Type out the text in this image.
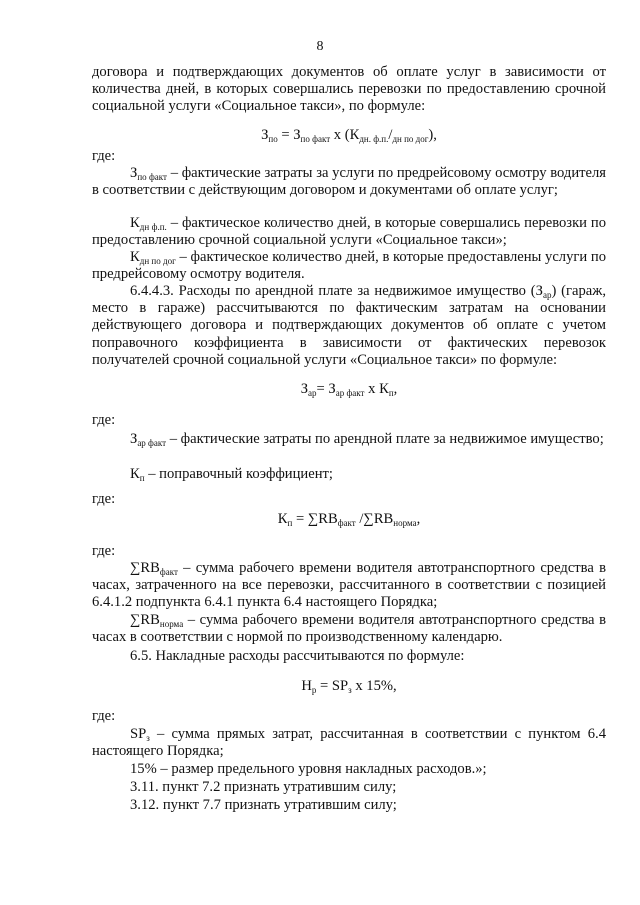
8
договора и подтверждающих документов об оплате услуг в зависимости от количества дней, в которых совершались перевозки по предоставлению срочной социальной услуги «Социальное такси», по формуле:
$З_{по} = З_{по факт}$ х $(К_{дн. ф.п.}/_{дн по дог})$,
где:
$З_{по факт}$ – фактические затраты за услуги по предрейсовому осмотру водителя в соответствии с действующим договором и документами об оплате услуг;
$К_{дн ф.п.}$ – фактическое количество дней, в которые совершались перевозки по предоставлению срочной социальной услуги «Социальное такси»;
$К_{дн по дог}$ – фактическое количество дней, в которые предоставлены услуги по предрейсовому осмотру водителя.
6.4.4.3. Расходы по арендной плате за недвижимое имущество $(З_{ар})$ (гараж, место в гараже) рассчитываются по фактическим затратам на основании действующего договора и подтверждающих документов об оплате с учетом поправочного коэффициента в зависимости от фактических перевозок получателей срочной социальной услуги «Социальное такси» по формуле:
$З_{ар}= З_{ар факт}$ х $К_п$,
где:
$З_{ар факт}$ – фактические затраты по арендной плате за недвижимое имущество;
$К_п$ – поправочный коэффициент;
где:
$К_п = \sum RB_{факт}$ $/\sum RB_{норма}$,
где:
$\sum RB_{факт}$ – сумма рабочего времени водителя автотранспортного средства в часах, затраченного на все перевозки, рассчитанного в соответствии с позицией 6.4.1.2 подпункта 6.4.1 пункта 6.4 настоящего Порядка;
$\sum RB_{норма}$ – сумма рабочего времени водителя автотранспортного средства в часах в соответствии с нормой по производственному календарю.
6.5. Накладные расходы рассчитываются по формуле:
$Н_р = SP_з$ х 15%,
где:
$SP_з$ – сумма прямых затрат, рассчитанная в соответствии с пунктом 6.4 настоящего Порядка;
15% – размер предельного уровня накладных расходов.»;
3.11. пункт 7.2 признать утратившим силу;
3.12. пункт 7.7 признать утратившим силу;
